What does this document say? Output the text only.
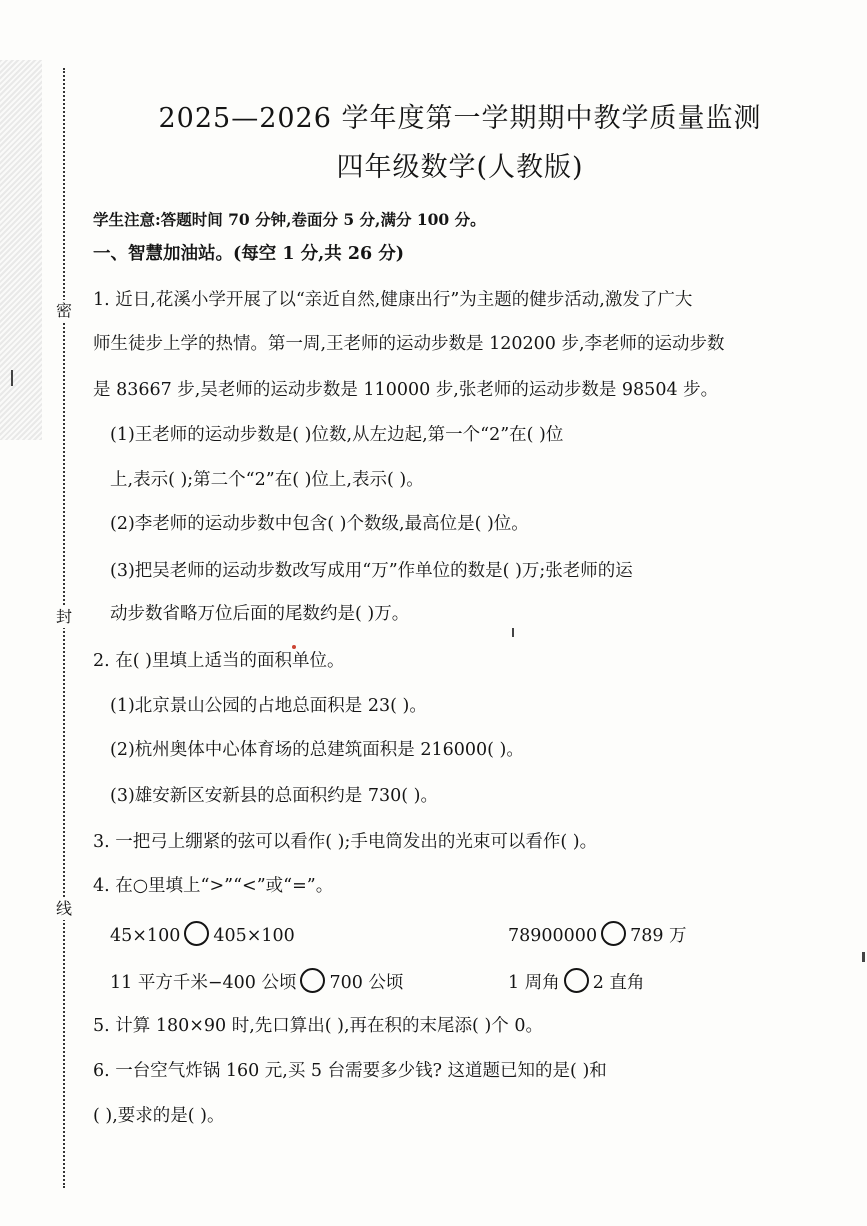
密
封
线
2025—2026 学年度第一学期期中教学质量监测
四年级数学(人教版)
学生注意:答题时间 70 分钟,卷面分 5 分,满分 100 分。
一、智慧加油站。(每空 1 分,共 26 分)
1. 近日,花溪小学开展了以“亲近自然,健康出行”为主题的健步活动,激发了广大
师生徒步上学的热情。第一周,王老师的运动步数是 120200 步,李老师的运动步数
是 83667 步,吴老师的运动步数是 110000 步,张老师的运动步数是 98504 步。
(1)王老师的运动步数是( )位数,从左边起,第一个“2”在( )位
上,表示( );第二个“2”在( )位上,表示( )。
(2)李老师的运动步数中包含( )个数级,最高位是( )位。
(3)把吴老师的运动步数改写成用“万”作单位的数是( )万;张老师的运
动步数省略万位后面的尾数约是( )万。
2. 在( )里填上适当的面积单位。
(1)北京景山公园的占地总面积是 23( )。
(2)杭州奥体中心体育场的总建筑面积是 216000( )。
(3)雄安新区安新县的总面积约是 730( )。
3. 一把弓上绷紧的弦可以看作( );手电筒发出的光束可以看作( )。
4. 在○里填上“>”“<”或“=”。
45×100 405×100	78900000 789 万
11 平方千米−400 公顷 700 公顷	1 周角 2 直角
5. 计算 180×90 时,先口算出( ),再在积的末尾添( )个 0。
6. 一台空气炸锅 160 元,买 5 台需要多少钱? 这道题已知的是( )和
( ),要求的是( )。
